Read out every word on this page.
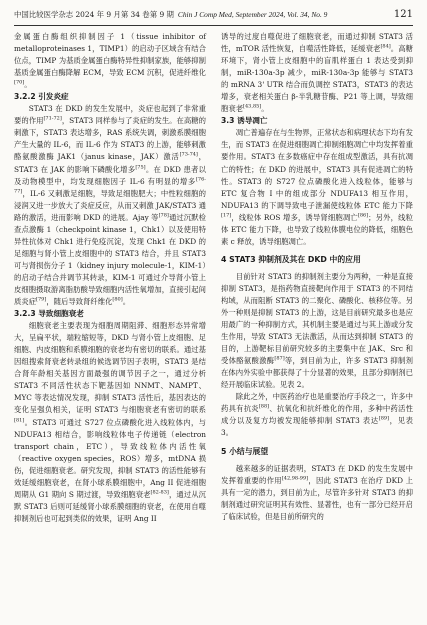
中国比较医学杂志 2024 年 9 月第 34 卷第 9 期 Chin J Comp Med, September 2024, Vol. 34, No. 9	121

金属蛋白酶组织抑制因子 1（tissue inhibitor of metalloproteinases 1，TIMP1）的启动子区域含有结合位点，TIMP 为基质金属蛋白酶特异性抑制家族，能够抑制基质金属蛋白酶降解 ECM，导致 ECM 沉积，促进纤维化[70]。

3.2.2 引发炎症

STAT3 在 DKD 的发生发展中，炎症也起到了非常重要的作用[71-72]，STAT3 同样参与了炎症的发生。在高糖的刺激下，STAT3 表达增多，RAS 系统失调，刺激系膜细胞产生大量的 IL-6，而 IL-6 作为 STAT3 的上游，能够刺激酪氨酸激酶 JAK1（janus kinase，JAK）激活[73-74]，STAT3 在 JAK 的影响下磷酸化增多[75]。在 DKD 患者以及动物模型中，均发现细胞因子 IL-6 有明显的增多[76-77]，IL-6 又刺激足细胞，导致足细胞肥大；中性粒细胞的浸润又进一步放大了炎症反应，从而又刺激 JAK/STAT3 通路的激活，进而影响 DKD 的进展。Ajay 等[78]通过沉默检查点激酶 1（checkpoint kinase 1，Chk1）以及使用特异性抗体对 Chk1 进行免疫沉淀，发现 Chk1 在 DKD 的足细胞与肾小管上皮细胞中的 STAT3 结合，并且 STAT3 可与肾损伤分子 1（kidney injury molecule-1，KIM-1）的启动子结合并调节其转录，KIM-1 可通过介导肾小管上皮细胞摄取游离脂肪酸导致细胞内活性氧增加，直接引起间质炎症[79]，随后导致肾纤维化[80]。

3.2.3 导致细胞衰老

细胞衰老主要表现为细胞周期阻滞、细胞形态异常增大，呈扁平状，端粒缩短等，DKD 与肾小管上皮细胞、足细胞、内皮细胞和系膜细胞的衰老均有密切的联系。通过基因组搜索肾衰老转录组的候选调节因子表明，STAT3 是结合肾年龄相关基因方面最强的调节因子之一，通过分析 STAT3 不同活性状态下靶基因如 NNMT、NAMPT、MYC 等表达情况发现，抑制 STAT3 活性后，基因表达的变化呈强负相关，证明 STAT3 与细胞衰老有密切的联系[81]。STAT3 可通过 S727 位点磷酸化进入线粒体内，与 NDUFA13 相结合，影响线粒体电子传递链（electron transport chain，ETC），导致线粒体内活性氧（reactive oxygen species，ROS）增多，mtDNA 损伤，促进细胞衰老。研究发现，抑制 STAT3 的活性能够有效延缓细胞衰老，在肾小球系膜细胞中，Ang II 促进细胞周期从 G1 期向 S 期过渡，导致细胞衰老[82-83]，通过从沉默 STAT3 后则可延缓肾小球系膜细胞的衰老，在使用自噬抑制剂后也可起到类似的效果，证明 Ang II

诱导的过度自噬促进了细胞衰老，而通过抑制 STAT3 活性，mTOR 活性恢复，自噬活性降低，延缓衰老[84]。高糖环境下，肾小管上皮细胞中的盲肌样蛋白 1 表达受到抑制，miR-130a-3p 减少，miR-130a-3p 能够与 STAT3 的 mRNA 3' UTR 结合而负调控 STAT3，STAT3 的表达增多，衰老相关蛋白 β-半乳糖苷酶、P21 等上调，导致细胞衰老[43,85]。

3.3 诱导凋亡

凋亡普遍存在与生物界，正常状态和病理状态下均有发生，而 STAT3 在促进细胞凋亡抑制细胞凋亡中均发挥着重要作用。STAT3 在多数癌症中存在组成型激活，具有抗凋亡的特性；在 DKD 的进展中，STAT3 具有促进凋亡的特性。STAT3 的 S727 位点磷酸化进入线粒体，能够与 ETC 复合物 I 中的组成部分 NDUFA13 相互作用，NDUFA13 的下调导致电子泄漏使线粒体 ETC 能力下降[17]，线粒体 ROS 增多，诱导肾细胞凋亡[86]；另外，线粒体 ETC 能力下降，也导致了线粒体膜电位的降低，细胞色素 c 释放，诱导细胞凋亡。

4 STAT3 抑制剂及其在 DKD 中的应用

目前针对 STAT3 的抑制剂主要分为两种，一种是直接抑制 STAT3，是指药物直接靶向作用于 STAT3 的不同结构域，从而阻断 STAT3 的二聚化、磷酸化、核移位等。另外一种则是抑制 STAT3 的上游，这是目前研究最多也是应用最广的一种抑制方式，其机制主要是通过与其上游或分发生作用，导致 STAT3 无法激活，从而达到抑制 STAT3 的目的，上游靶标目前研究较多的主要集中在 JAK、Src 和受体酪氨酸激酶[87]等，到目前为止，许多 STAT3 抑制剂在体内外实验中都获得了十分显著的效果，且部分抑制剂已经开展临床试验。见表 2。

除此之外，中医药治疗也是重要治疗手段之一，许多中药具有抗炎[88]、抗氧化和抗纤维化的作用，多种中药活性成分以及复方均被发现能够抑制 STAT3 表达[89]，见表 3。

5 小结与展望

越来越多的证据表明，STAT3 在 DKD 的发生发展中发挥着重要的作用[42,98-99]，因此 STAT3 在治疗 DKD 上具有一定的潜力，到目前为止，尽管许多针对 STAT3 的抑制剂通过研究证明其有效性、显著性，也有一部分已经开启了临床试验，但是目前所研究的
